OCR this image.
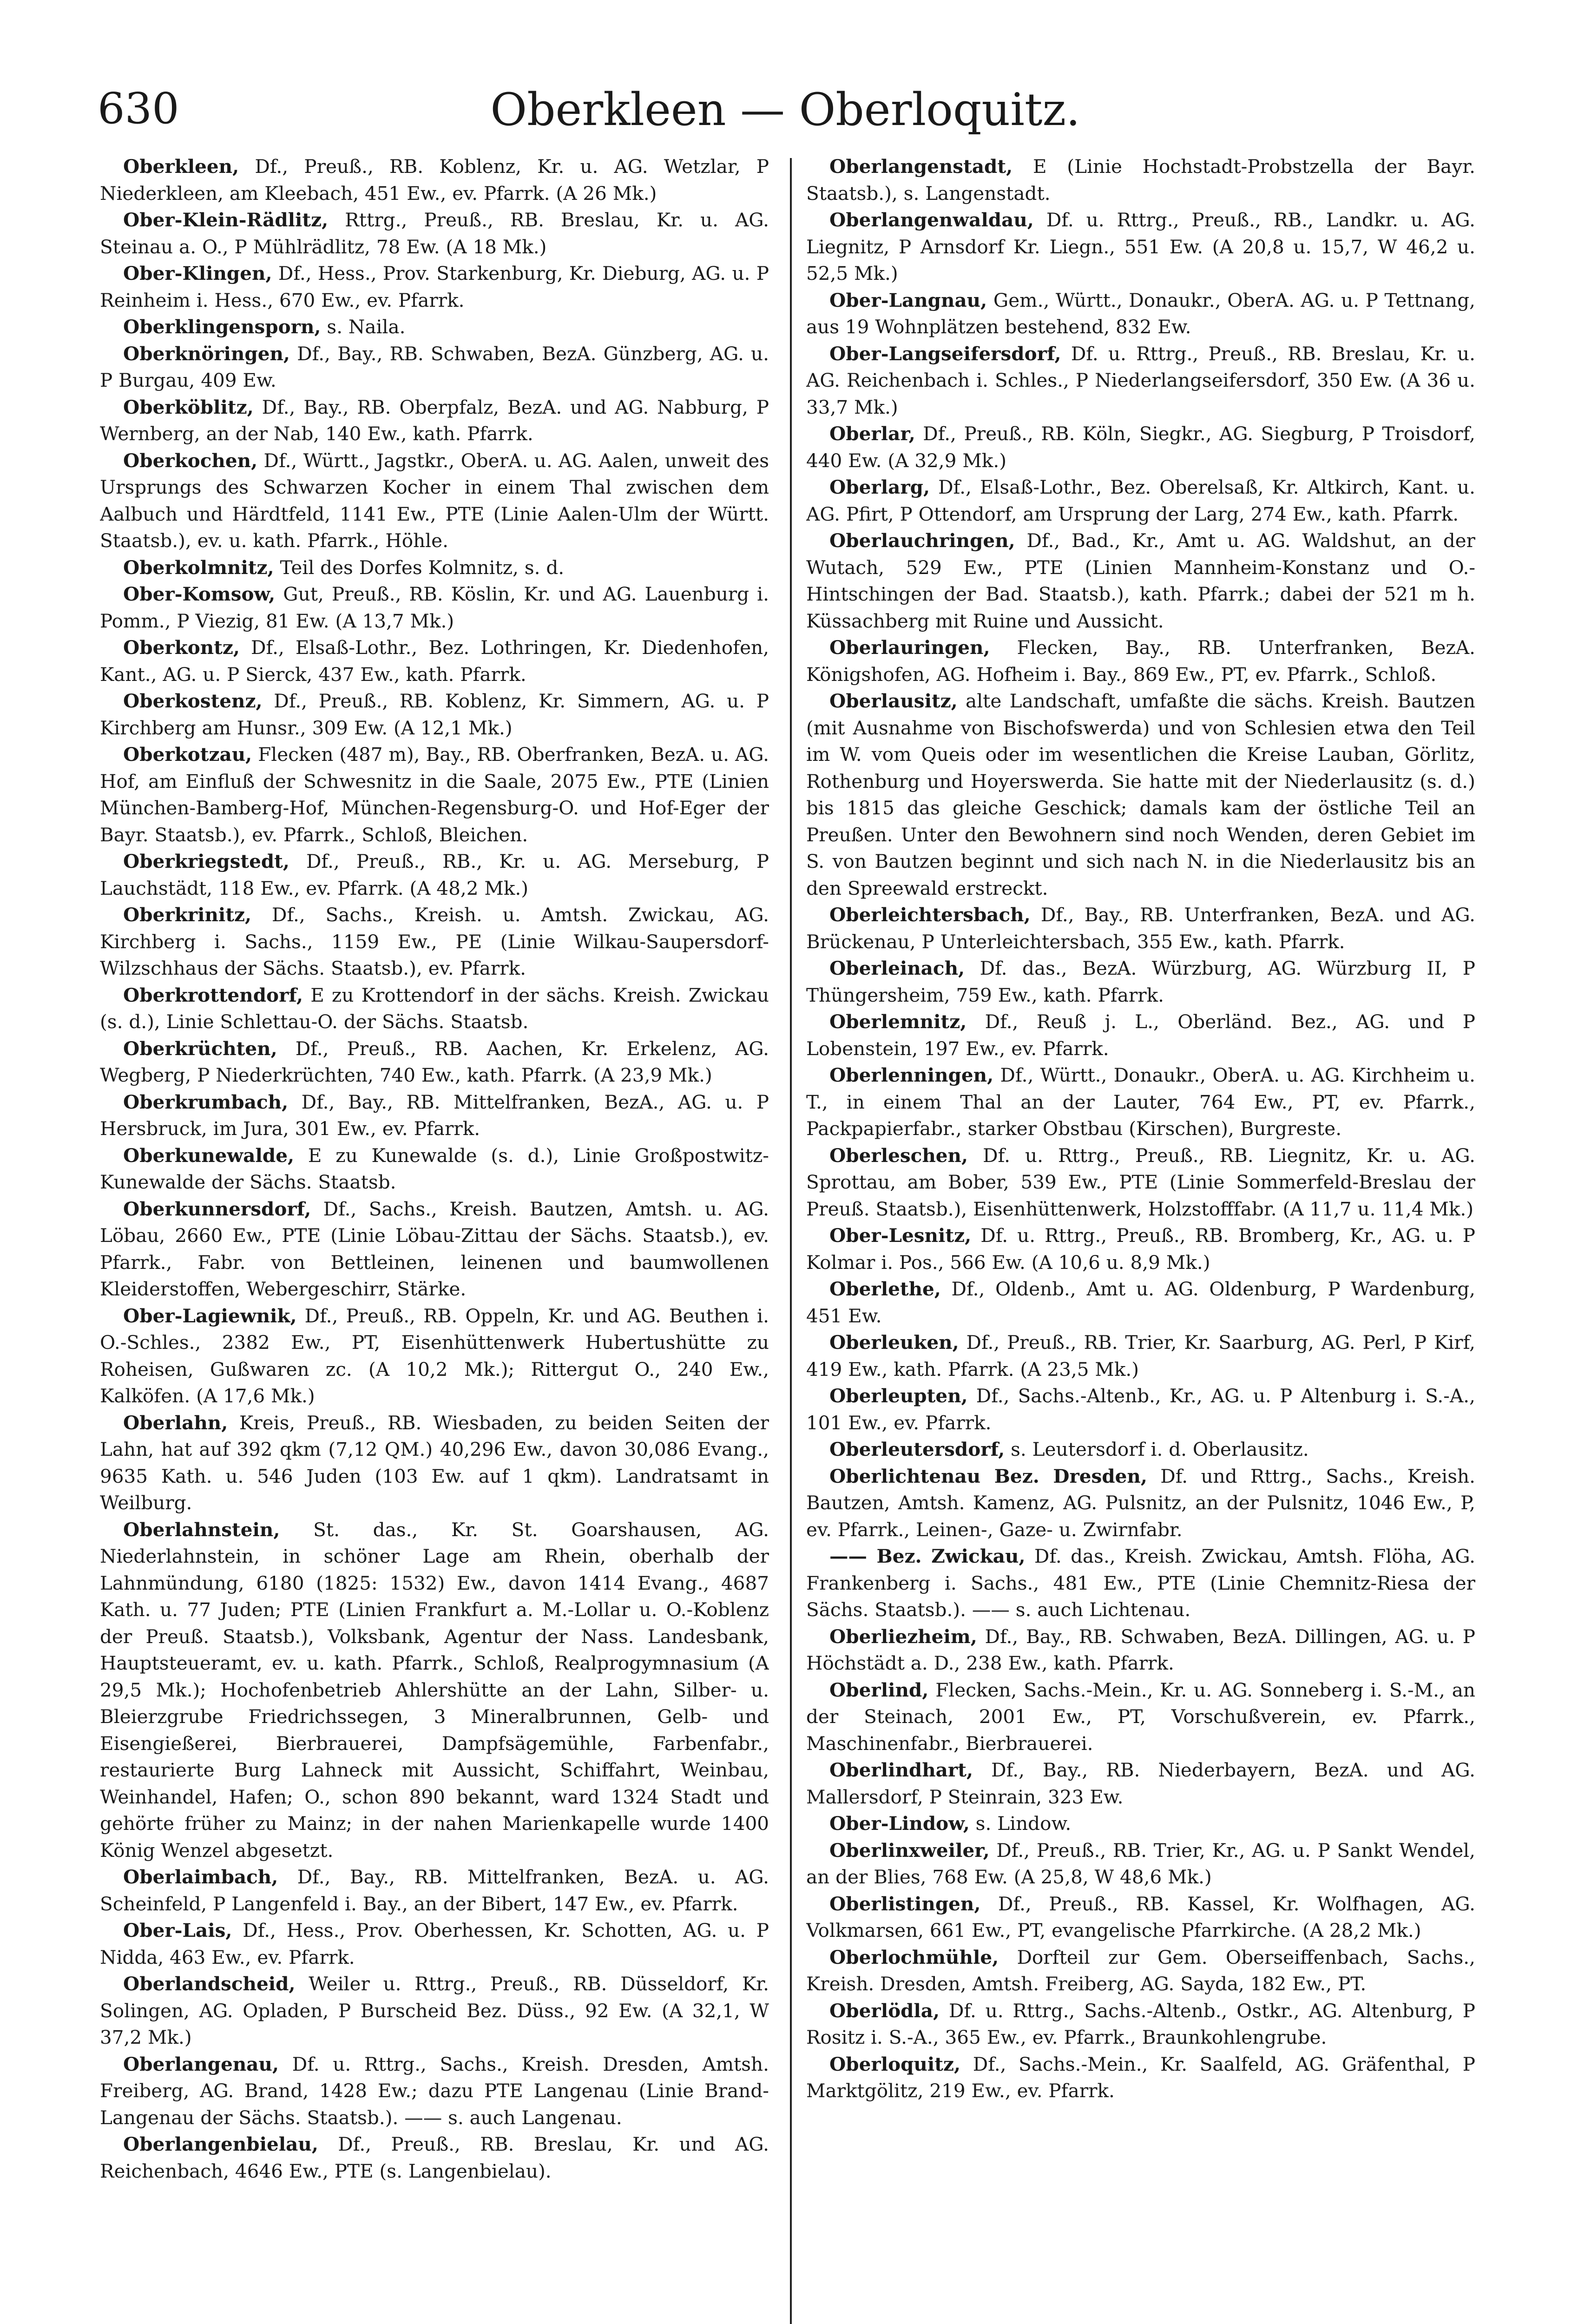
630	Oberkleen — Oberloquitz.

Oberkleen, Df., Preuß., RB. Koblenz, Kr. u. AG. Wetzlar, P Niederkleen, am Kleebach, 451 Ew., ev. Pfarrk. (A 26 Mk.)

Ober-Klein-Rädlitz, Rttrg., Preuß., RB. Breslau, Kr. u. AG. Steinau a. O., P Mühlrädlitz, 78 Ew. (A 18 Mk.)

Ober-Klingen, Df., Hess., Prov. Starkenburg, Kr. Dieburg, AG. u. P Reinheim i. Hess., 670 Ew., ev. Pfarrk.

Oberklingensporn, s. Naila.

Oberknöringen, Df., Bay., RB. Schwaben, BezA. Günzberg, AG. u. P Burgau, 409 Ew.

Oberköblitz, Df., Bay., RB. Oberpfalz, BezA. und AG. Nabburg, P Wernberg, an der Nab, 140 Ew., kath. Pfarrk.

Oberkochen, Df., Württ., Jagstkr., OberA. u. AG. Aalen, unweit des Ursprungs des Schwarzen Kocher in einem Thal zwischen dem Aalbuch und Härdtfeld, 1141 Ew., PTE (Linie Aalen-Ulm der Württ. Staatsb.), ev. u. kath. Pfarrk., Höhle.

Oberkolmnitz, Teil des Dorfes Kolmnitz, s. d.

Ober-Komsow, Gut, Preuß., RB. Köslin, Kr. und AG. Lauenburg i. Pomm., P Viezig, 81 Ew. (A 13,7 Mk.)

Oberkontz, Df., Elsaß-Lothr., Bez. Lothringen, Kr. Diedenhofen, Kant., AG. u. P Sierck, 437 Ew., kath. Pfarrk.

Oberkostenz, Df., Preuß., RB. Koblenz, Kr. Simmern, AG. u. P Kirchberg am Hunsr., 309 Ew. (A 12,1 Mk.)

Oberkotzau, Flecken (487 m), Bay., RB. Oberfranken, BezA. u. AG. Hof, am Einfluß der Schwesnitz in die Saale, 2075 Ew., PTE (Linien München-Bamberg-Hof, München-Regensburg-O. und Hof-Eger der Bayr. Staatsb.), ev. Pfarrk., Schloß, Bleichen.

Oberkriegstedt, Df., Preuß., RB., Kr. u. AG. Merseburg, P Lauchstädt, 118 Ew., ev. Pfarrk. (A 48,2 Mk.)

Oberkrinitz, Df., Sachs., Kreish. u. Amtsh. Zwickau, AG. Kirchberg i. Sachs., 1159 Ew., PE (Linie Wilkau-Saupersdorf-Wilzschhaus der Sächs. Staatsb.), ev. Pfarrk.

Oberkrottendorf, E zu Krottendorf in der sächs. Kreish. Zwickau (s. d.), Linie Schlettau-O. der Sächs. Staatsb.

Oberkrüchten, Df., Preuß., RB. Aachen, Kr. Erkelenz, AG. Wegberg, P Niederkrüchten, 740 Ew., kath. Pfarrk. (A 23,9 Mk.)

Oberkrumbach, Df., Bay., RB. Mittelfranken, BezA., AG. u. P Hersbruck, im Jura, 301 Ew., ev. Pfarrk.

Oberkunewalde, E zu Kunewalde (s. d.), Linie Großpostwitz-Kunewalde der Sächs. Staatsb.

Oberkunnersdorf, Df., Sachs., Kreish. Bautzen, Amtsh. u. AG. Löbau, 2660 Ew., PTE (Linie Löbau-Zittau der Sächs. Staatsb.), ev. Pfarrk., Fabr. von Bettleinen, leinenen und baumwollenen Kleiderstoffen, Webergeschirr, Stärke.

Ober-Lagiewnik, Df., Preuß., RB. Oppeln, Kr. und AG. Beuthen i. O.-Schles., 2382 Ew., PT, Eisenhüttenwerk Hubertushütte zu Roheisen, Gußwaren zc. (A 10,2 Mk.); Rittergut O., 240 Ew., Kalköfen. (A 17,6 Mk.)

Oberlahn, Kreis, Preuß., RB. Wiesbaden, zu beiden Seiten der Lahn, hat auf 392 qkm (7,12 QM.) 40,296 Ew., davon 30,086 Evang., 9635 Kath. u. 546 Juden (103 Ew. auf 1 qkm). Landratsamt in Weilburg.

Oberlahnstein, St. das., Kr. St. Goarshausen, AG. Niederlahnstein, in schöner Lage am Rhein, oberhalb der Lahnmündung, 6180 (1825: 1532) Ew., davon 1414 Evang., 4687 Kath. u. 77 Juden; PTE (Linien Frankfurt a. M.-Lollar u. O.-Koblenz der Preuß. Staatsb.), Volksbank, Agentur der Nass. Landesbank, Hauptsteueramt, ev. u. kath. Pfarrk., Schloß, Realprogymnasium (A 29,5 Mk.); Hochofenbetrieb Ahlershütte an der Lahn, Silber- u. Bleierzgrube Friedrichssegen, 3 Mineralbrunnen, Gelb- und Eisengießerei, Bierbrauerei, Dampfsägemühle, Farbenfabr., restaurierte Burg Lahneck mit Aussicht, Schiffahrt, Weinbau, Weinhandel, Hafen; O., schon 890 bekannt, ward 1324 Stadt und gehörte früher zu Mainz; in der nahen Marienkapelle wurde 1400 König Wenzel abgesetzt.

Oberlaimbach, Df., Bay., RB. Mittelfranken, BezA. u. AG. Scheinfeld, P Langenfeld i. Bay., an der Bibert, 147 Ew., ev. Pfarrk.

Ober-Lais, Df., Hess., Prov. Oberhessen, Kr. Schotten, AG. u. P Nidda, 463 Ew., ev. Pfarrk.

Oberlandscheid, Weiler u. Rttrg., Preuß., RB. Düsseldorf, Kr. Solingen, AG. Opladen, P Burscheid Bez. Düss., 92 Ew. (A 32,1, W 37,2 Mk.)

Oberlangenau, Df. u. Rttrg., Sachs., Kreish. Dresden, Amtsh. Freiberg, AG. Brand, 1428 Ew.; dazu PTE Langenau (Linie Brand-Langenau der Sächs. Staatsb.). —— s. auch Langenau.

Oberlangenbielau, Df., Preuß., RB. Breslau, Kr. und AG. Reichenbach, 4646 Ew., PTE (s. Langenbielau).

Oberlangenstadt, E (Linie Hochstadt-Probstzella der Bayr. Staatsb.), s. Langenstadt.

Oberlangenwaldau, Df. u. Rttrg., Preuß., RB., Landkr. u. AG. Liegnitz, P Arnsdorf Kr. Liegn., 551 Ew. (A 20,8 u. 15,7, W 46,2 u. 52,5 Mk.)

Ober-Langnau, Gem., Württ., Donaukr., OberA. AG. u. P Tettnang, aus 19 Wohnplätzen bestehend, 832 Ew.

Ober-Langseifersdorf, Df. u. Rttrg., Preuß., RB. Breslau, Kr. u. AG. Reichenbach i. Schles., P Niederlangseifersdorf, 350 Ew. (A 36 u. 33,7 Mk.)

Oberlar, Df., Preuß., RB. Köln, Siegkr., AG. Siegburg, P Troisdorf, 440 Ew. (A 32,9 Mk.)

Oberlarg, Df., Elsaß-Lothr., Bez. Oberelsaß, Kr. Altkirch, Kant. u. AG. Pfirt, P Ottendorf, am Ursprung der Larg, 274 Ew., kath. Pfarrk.

Oberlauchringen, Df., Bad., Kr., Amt u. AG. Waldshut, an der Wutach, 529 Ew., PTE (Linien Mannheim-Konstanz und O.-Hintschingen der Bad. Staatsb.), kath. Pfarrk.; dabei der 521 m h. Küssachberg mit Ruine und Aussicht.

Oberlauringen, Flecken, Bay., RB. Unterfranken, BezA. Königshofen, AG. Hofheim i. Bay., 869 Ew., PT, ev. Pfarrk., Schloß.

Oberlausitz, alte Landschaft, umfaßte die sächs. Kreish. Bautzen (mit Ausnahme von Bischofswerda) und von Schlesien etwa den Teil im W. vom Queis oder im wesentlichen die Kreise Lauban, Görlitz, Rothenburg und Hoyerswerda. Sie hatte mit der Niederlausitz (s. d.) bis 1815 das gleiche Geschick; damals kam der östliche Teil an Preußen. Unter den Bewohnern sind noch Wenden, deren Gebiet im S. von Bautzen beginnt und sich nach N. in die Niederlausitz bis an den Spreewald erstreckt.

Oberleichtersbach, Df., Bay., RB. Unterfranken, BezA. und AG. Brückenau, P Unterleichtersbach, 355 Ew., kath. Pfarrk.

Oberleinach, Df. das., BezA. Würzburg, AG. Würzburg II, P Thüngersheim, 759 Ew., kath. Pfarrk.

Oberlemnitz, Df., Reuß j. L., Oberländ. Bez., AG. und P Lobenstein, 197 Ew., ev. Pfarrk.

Oberlenningen, Df., Württ., Donaukr., OberA. u. AG. Kirchheim u. T., in einem Thal an der Lauter, 764 Ew., PT, ev. Pfarrk., Packpapierfabr., starker Obstbau (Kirschen), Burgreste.

Oberleschen, Df. u. Rttrg., Preuß., RB. Liegnitz, Kr. u. AG. Sprottau, am Bober, 539 Ew., PTE (Linie Sommerfeld-Breslau der Preuß. Staatsb.), Eisenhüttenwerk, Holzstofffabr. (A 11,7 u. 11,4 Mk.)

Ober-Lesnitz, Df. u. Rttrg., Preuß., RB. Bromberg, Kr., AG. u. P Kolmar i. Pos., 566 Ew. (A 10,6 u. 8,9 Mk.)

Oberlethe, Df., Oldenb., Amt u. AG. Oldenburg, P Wardenburg, 451 Ew.

Oberleuken, Df., Preuß., RB. Trier, Kr. Saarburg, AG. Perl, P Kirf, 419 Ew., kath. Pfarrk. (A 23,5 Mk.)

Oberleupten, Df., Sachs.-Altenb., Kr., AG. u. P Altenburg i. S.-A., 101 Ew., ev. Pfarrk.

Oberleutersdorf, s. Leutersdorf i. d. Oberlausitz.

Oberlichtenau Bez. Dresden, Df. und Rttrg., Sachs., Kreish. Bautzen, Amtsh. Kamenz, AG. Pulsnitz, an der Pulsnitz, 1046 Ew., P, ev. Pfarrk., Leinen-, Gaze- u. Zwirnfabr.

—— Bez. Zwickau, Df. das., Kreish. Zwickau, Amtsh. Flöha, AG. Frankenberg i. Sachs., 481 Ew., PTE (Linie Chemnitz-Riesa der Sächs. Staatsb.). —— s. auch Lichtenau.

Oberliezheim, Df., Bay., RB. Schwaben, BezA. Dillingen, AG. u. P Höchstädt a. D., 238 Ew., kath. Pfarrk.

Oberlind, Flecken, Sachs.-Mein., Kr. u. AG. Sonneberg i. S.-M., an der Steinach, 2001 Ew., PT, Vorschußverein, ev. Pfarrk., Maschinenfabr., Bierbrauerei.

Oberlindhart, Df., Bay., RB. Niederbayern, BezA. und AG. Mallersdorf, P Steinrain, 323 Ew.

Ober-Lindow, s. Lindow.

Oberlinxweiler, Df., Preuß., RB. Trier, Kr., AG. u. P Sankt Wendel, an der Blies, 768 Ew. (A 25,8, W 48,6 Mk.)

Oberlistingen, Df., Preuß., RB. Kassel, Kr. Wolfhagen, AG. Volkmarsen, 661 Ew., PT, evangelische Pfarrkirche. (A 28,2 Mk.)

Oberlochmühle, Dorfteil zur Gem. Oberseiffenbach, Sachs., Kreish. Dresden, Amtsh. Freiberg, AG. Sayda, 182 Ew., PT.

Oberlödla, Df. u. Rttrg., Sachs.-Altenb., Ostkr., AG. Altenburg, P Rositz i. S.-A., 365 Ew., ev. Pfarrk., Braunkohlengrube.

Oberloquitz, Df., Sachs.-Mein., Kr. Saalfeld, AG. Gräfenthal, P Marktgölitz, 219 Ew., ev. Pfarrk.
